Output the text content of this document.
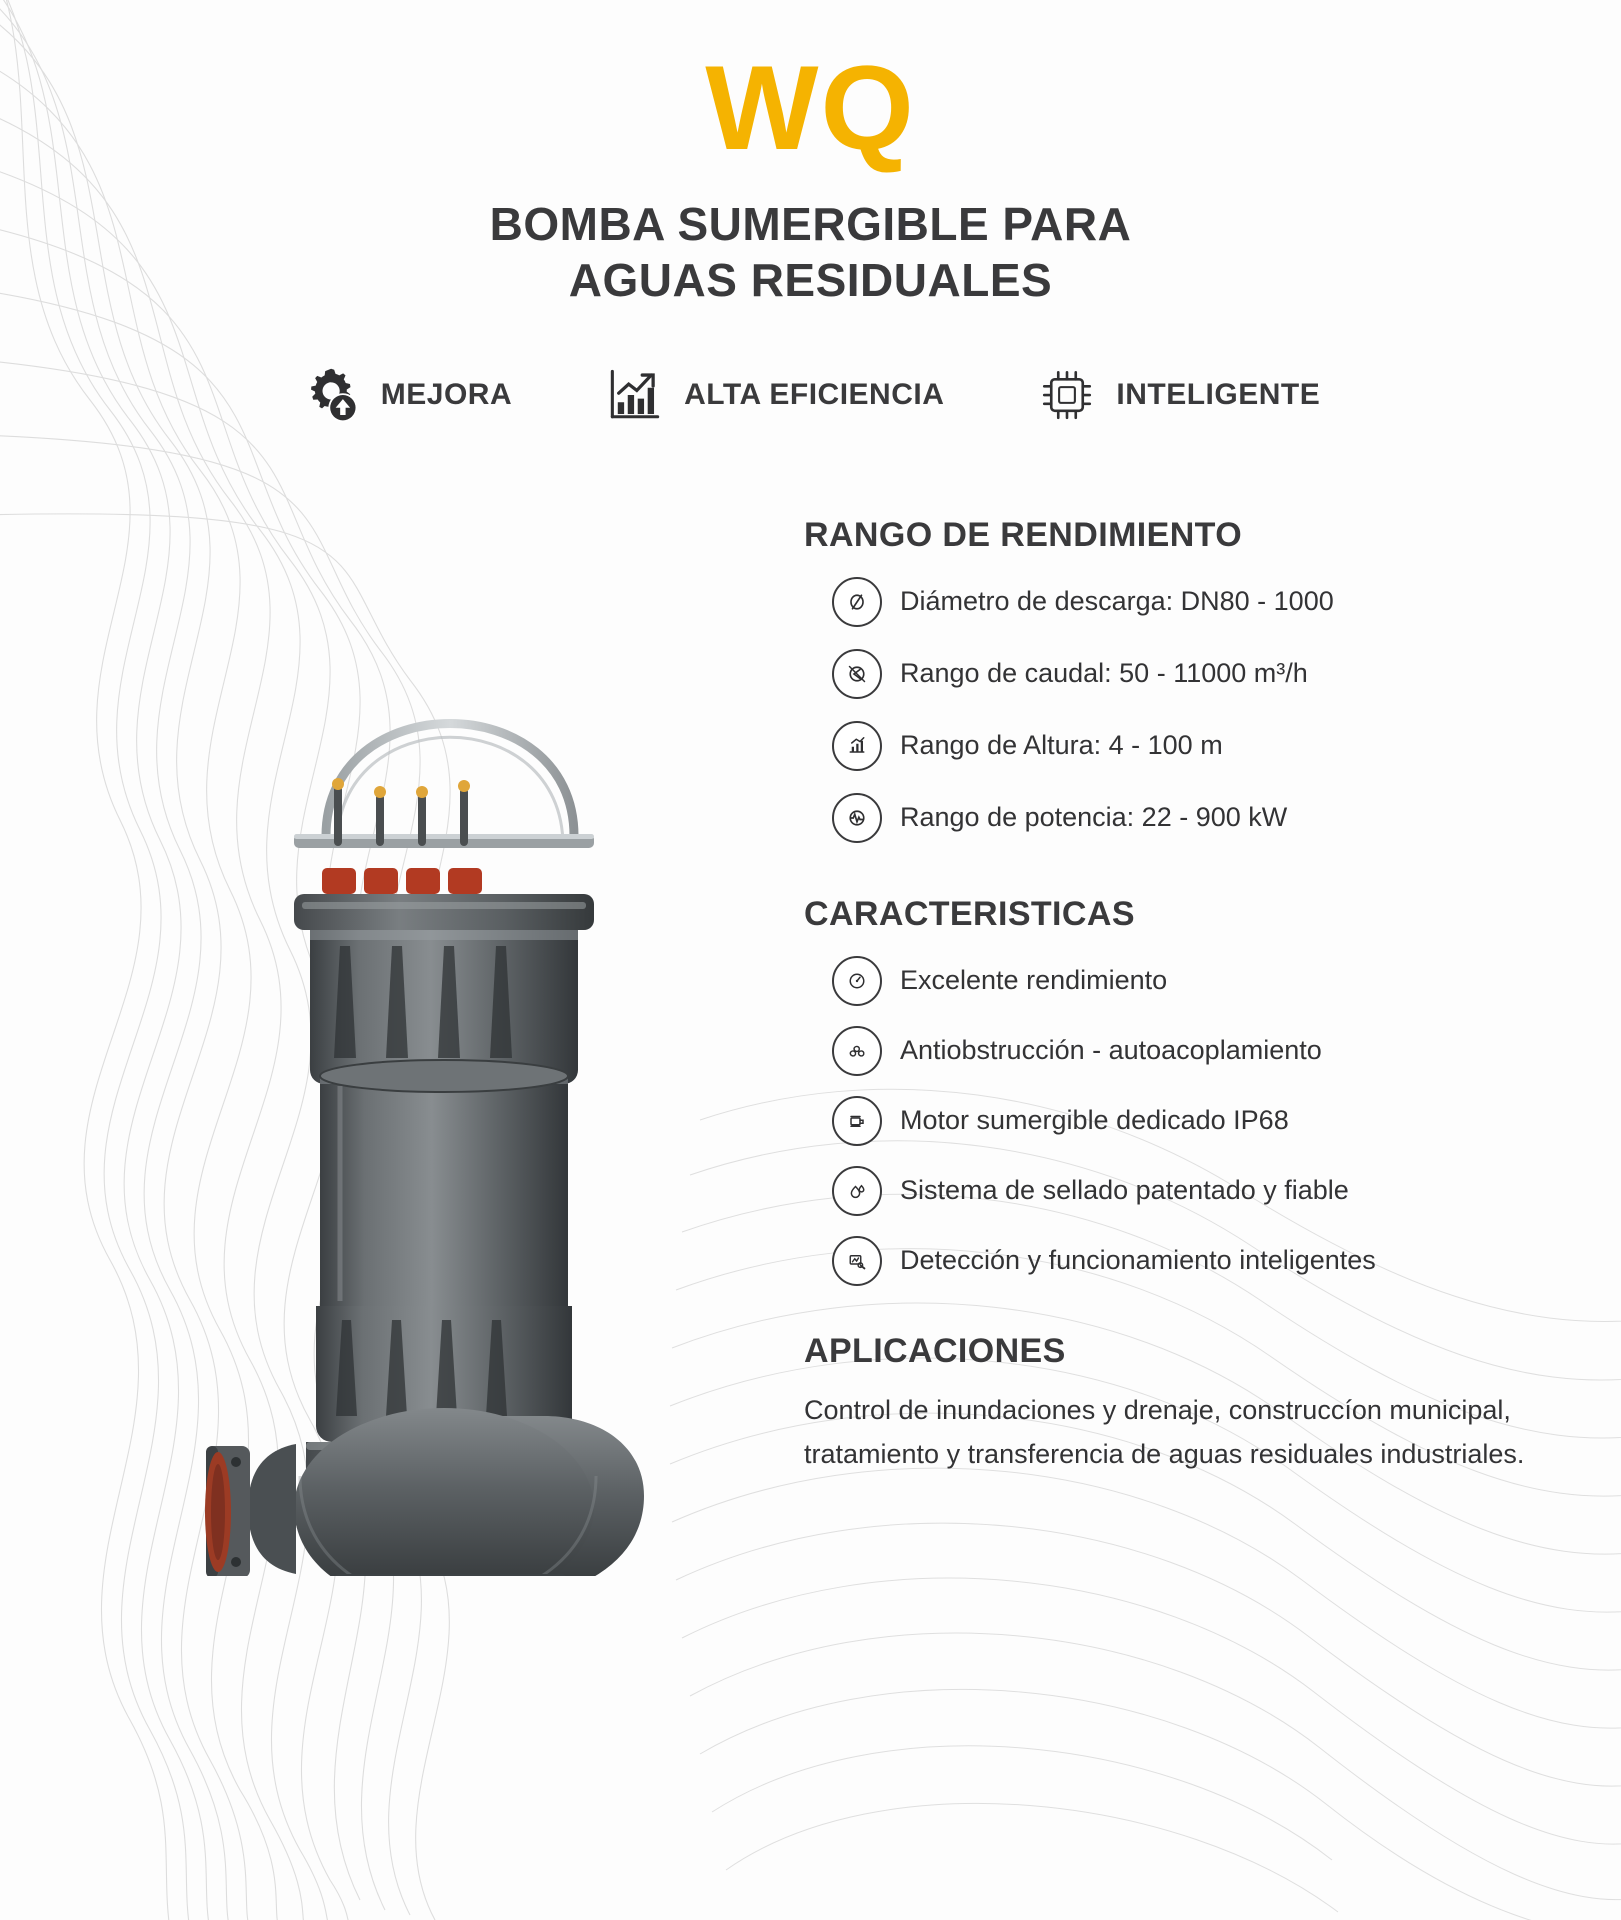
WQ
BOMBA SUMERGIBLE PARA
AGUAS RESIDUALES
MEJORA	ALTA EFICIENCIA	INTELIGENTE
RANGO DE RENDIMIENTO
Diámetro de descarga: DN80 - 1000
Rango de caudal: 50 - 11000 m³/h
Rango de Altura: 4 - 100 m
Rango de potencia: 22 - 900 kW
CARACTERISTICAS
Excelente rendimiento
Antiobstrucción - autoacoplamiento
Motor sumergible dedicado IP68
Sistema de sellado patentado y fiable
Detección y funcionamiento inteligentes
APLICACIONES

Control de inundaciones y drenaje, construccíon municipal, tratamiento y transferencia de aguas residuales industriales.
